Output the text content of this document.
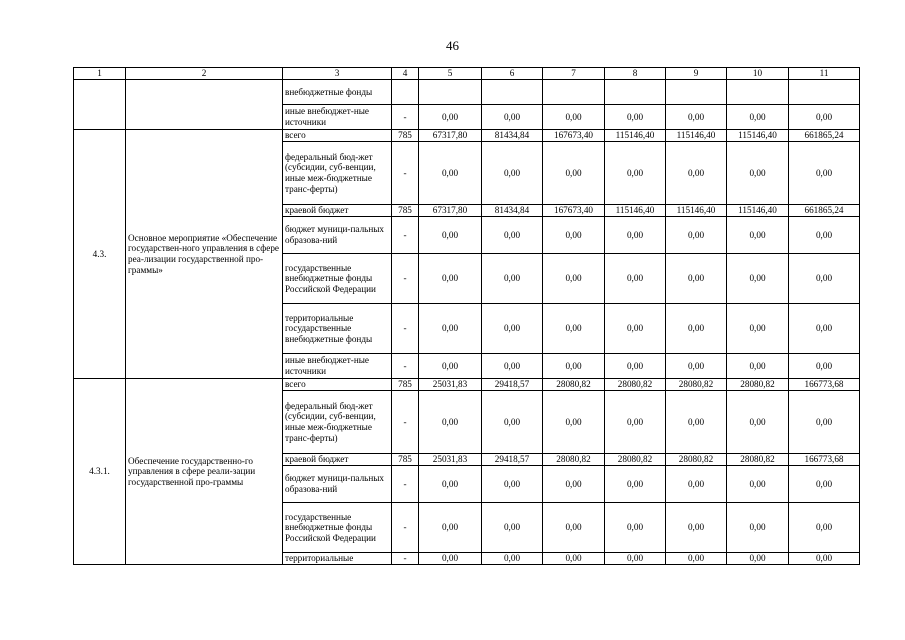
46
1	2	3	4	5	6	7	8	9	10	11
		внебюджетные фонды								
		иные внебюджет-ные источники	-	0,00	0,00	0,00	0,00	0,00	0,00	0,00
4.3.	Основное мероприятие «Обеспечение государствен-ного управления в сфере реа-лизации государственной про-граммы»	всего	785	67317,80	81434,84	167673,40	115146,40	115146,40	115146,40	661865,24
		федеральный бюд-жет (субсидии, суб-венции, иные меж-бюджетные транс-ферты)	-	0,00	0,00	0,00	0,00	0,00	0,00	0,00
		краевой бюджет	785	67317,80	81434,84	167673,40	115146,40	115146,40	115146,40	661865,24
		бюджет муници-пальных образова-ний	-	0,00	0,00	0,00	0,00	0,00	0,00	0,00
		государственные внебюджетные фонды Российской Федерации	-	0,00	0,00	0,00	0,00	0,00	0,00	0,00
		территориальные государственные внебюджетные фонды	-	0,00	0,00	0,00	0,00	0,00	0,00	0,00
		иные внебюджет-ные источники	-	0,00	0,00	0,00	0,00	0,00	0,00	0,00
4.3.1.	Обеспечение государственно-го управления в сфере реали-зации государственной про-граммы	всего	785	25031,83	29418,57	28080,82	28080,82	28080,82	28080,82	166773,68
		федеральный бюд-жет (субсидии, суб-венции, иные меж-бюджетные транс-ферты)	-	0,00	0,00	0,00	0,00	0,00	0,00	0,00
		краевой бюджет	785	25031,83	29418,57	28080,82	28080,82	28080,82	28080,82	166773,68
		бюджет муници-пальных образова-ний	-	0,00	0,00	0,00	0,00	0,00	0,00	0,00
		государственные внебюджетные фонды Российской Федерации	-	0,00	0,00	0,00	0,00	0,00	0,00	0,00
		территориальные	-	0,00	0,00	0,00	0,00	0,00	0,00	0,00
